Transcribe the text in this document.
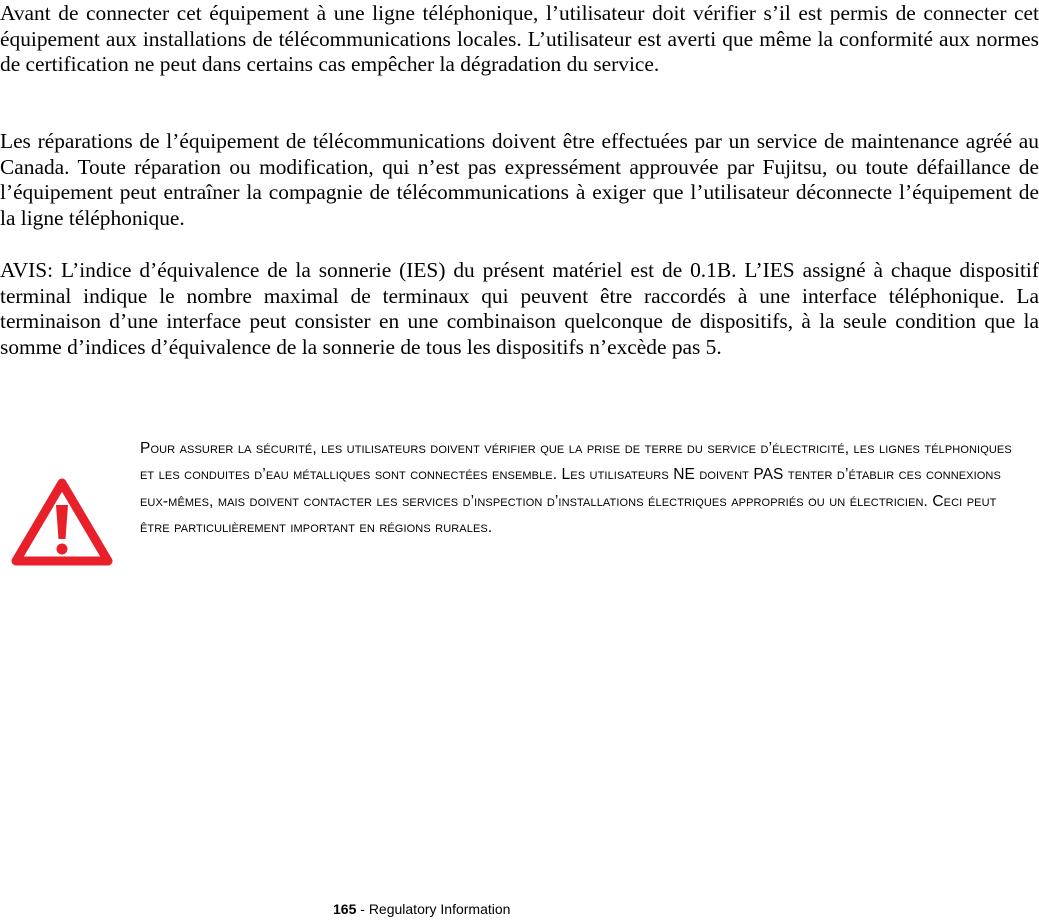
Avant de connecter cet équipement à une ligne téléphonique, l’utilisateur doit vérifier s’il est permis de connecter cet équipement aux installations de télécommunications locales. L’utilisateur est averti que même la conformité aux normes de certification ne peut dans certains cas empêcher la dégradation du service.

Les réparations de l’équipement de télécommunications doivent être effectuées par un service de maintenance agréé au Canada. Toute réparation ou modification, qui n’est pas expressément approuvée par Fujitsu, ou toute défaillance de l’équipement peut entraîner la compagnie de télécommunications à exiger que l’utilisateur déconnecte l’équipement de la ligne téléphonique.

AVIS: L’indice d’équivalence de la sonnerie (IES) du présent matériel est de 0.1B. L’IES assigné à chaque dispositif terminal indique le nombre maximal de terminaux qui peuvent être raccordés à une interface téléphonique. La terminaison d’une interface peut consister en une combinaison quelconque de dispositifs, à la seule condition que la somme d’indices d’équivalence de la sonnerie de tous les dispositifs n’excède pas 5.

Pour assurer la sécurité, les utilisateurs doivent vérifier que la prise de terre du service d’électricité, les lignes télphoniques et les conduites d’eau métalliques sont connectées ensemble. Les utilisateurs NE doivent PAS tenter d’établir ces connexions eux-mêmes, mais doivent contacter les services d’inspection d’installations électriques appropriés ou un électricien. Ceci peut être particulièrement important en régions rurales.

165 - Regulatory Information
